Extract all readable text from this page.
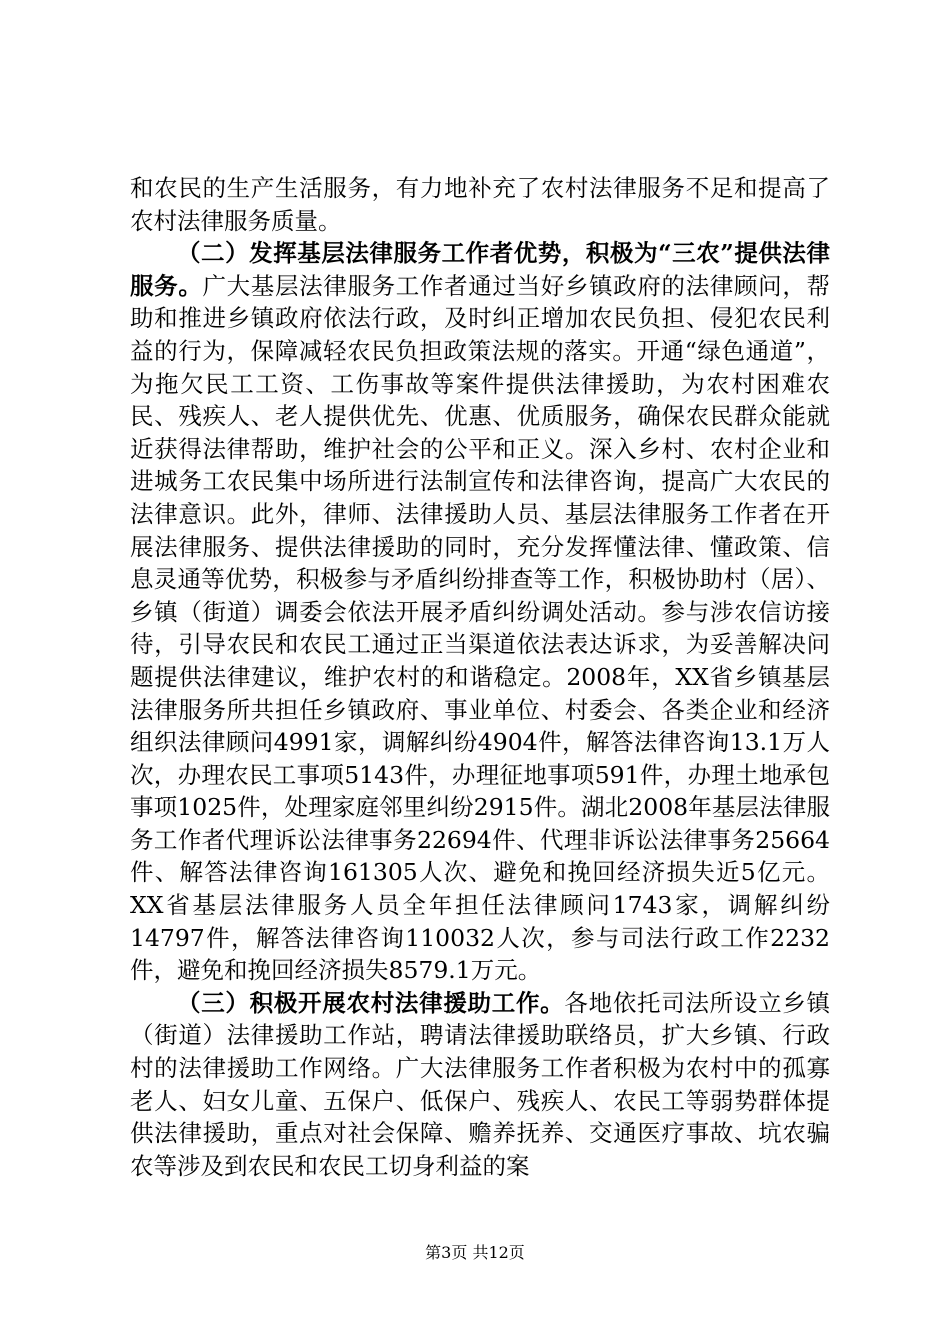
和农民的生产生活服务，有力地补充了农村法律服务不足和提高了农村法律服务质量。

（二）发挥基层法律服务工作者优势，积极为“三农”提供法律服务。广大基层法律服务工作者通过当好乡镇政府的法律顾问，帮助和推进乡镇政府依法行政，及时纠正增加农民负担、侵犯农民利益的行为，保障减轻农民负担政策法规的落实。开通“绿色通道”，为拖欠民工工资、工伤事故等案件提供法律援助，为农村困难农民、残疾人、老人提供优先、优惠、优质服务，确保农民群众能就近获得法律帮助，维护社会的公平和正义。深入乡村、农村企业和进城务工农民集中场所进行法制宣传和法律咨询，提高广大农民的法律意识。此外，律师、法律援助人员、基层法律服务工作者在开展法律服务、提供法律援助的同时，充分发挥懂法律、懂政策、信息灵通等优势，积极参与矛盾纠纷排查等工作，积极协助村（居）、乡镇（街道）调委会依法开展矛盾纠纷调处活动。参与涉农信访接待，引导农民和农民工通过正当渠道依法表达诉求，为妥善解决问题提供法律建议，维护农村的和谐稳定。2008年，XX省乡镇基层法律服务所共担任乡镇政府、事业单位、村委会、各类企业和经济组织法律顾问4991家，调解纠纷4904件，解答法律咨询13.1万人次，办理农民工事项5143件，办理征地事项591件，办理土地承包事项1025件，处理家庭邻里纠纷2915件。湖北2008年基层法律服务工作者代理诉讼法律事务22694件、代理非诉讼法律事务25664件、解答法律咨询161305人次、避免和挽回经济损失近5亿元。XX省基层法律服务人员全年担任法律顾问1743家，调解纠纷14797件，解答法律咨询110032人次，参与司法行政工作2232件，避免和挽回经济损失8579.1万元。

（三）积极开展农村法律援助工作。各地依托司法所设立乡镇（街道）法律援助工作站，聘请法律援助联络员，扩大乡镇、行政村的法律援助工作网络。广大法律服务工作者积极为农村中的孤寡老人、妇女儿童、五保户、低保户、残疾人、农民工等弱势群体提供法律援助，重点对社会保障、赡养抚养、交通医疗事故、坑农骗农等涉及到农民和农民工切身利益的案

第3页 共12页
